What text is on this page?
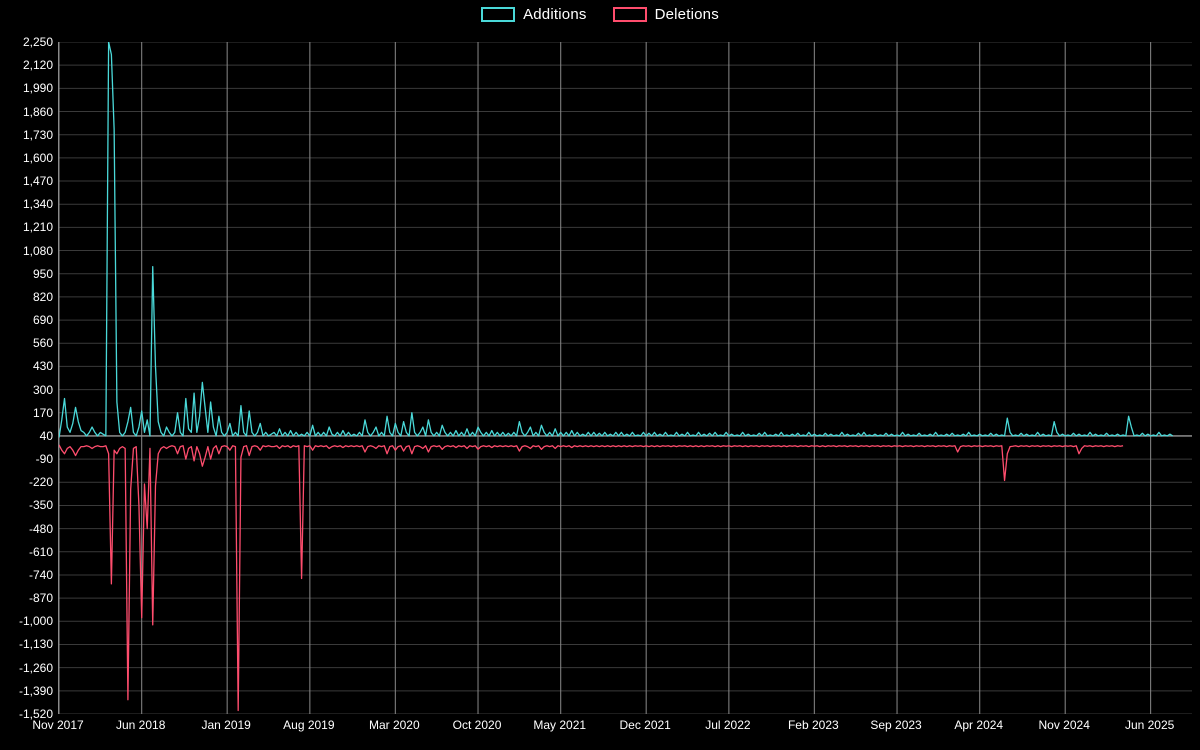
Additions	Deletions
2,250
2,120
1,990
1,860
1,730
1,600
1,470
1,340
1,210
1,080
950
820
690
560
430
300
170
40
-90
-220
-350
-480
-610
-740
-870
-1,000
-1,130
-1,260
-1,390
-1,520
Nov 2017	Jun 2018	Jan 2019	Aug 2019	Mar 2020	Oct 2020	May 2021	Dec 2021	Jul 2022	Feb 2023	Sep 2023	Apr 2024	Nov 2024	Jun 2025
